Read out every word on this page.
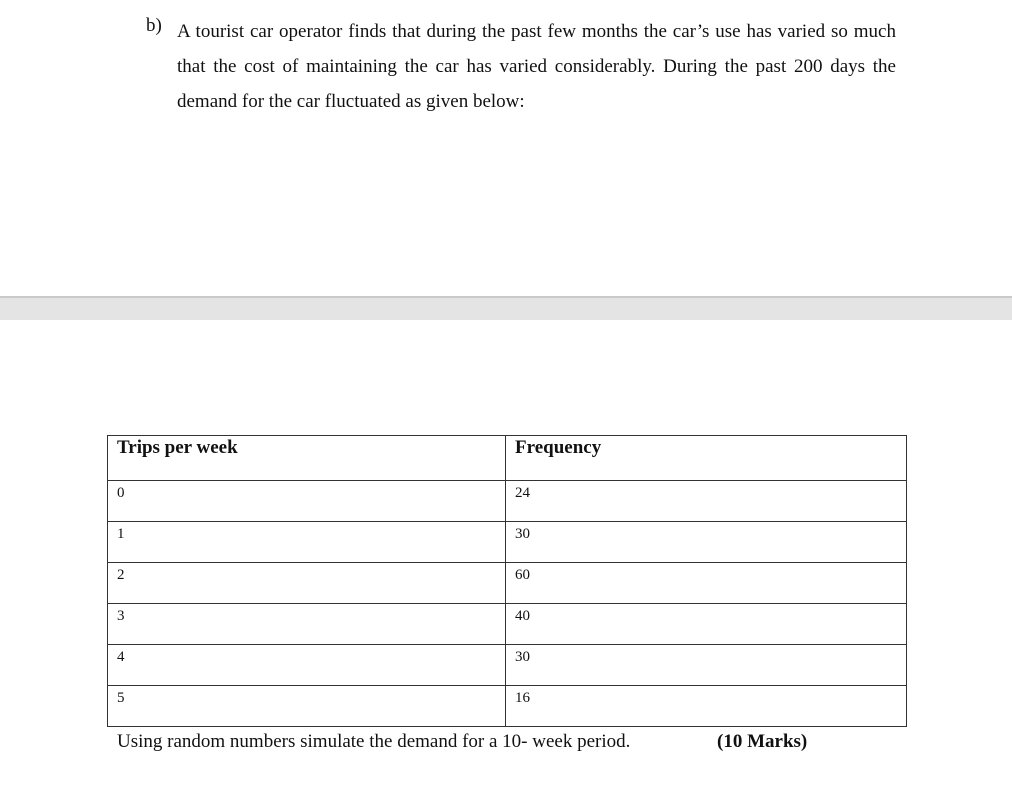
b) A tourist car operator finds that during the past few months the car’s use has varied so much that the cost of maintaining the car has varied considerably. During the past 200 days the demand for the car fluctuated as given below:
Trips per week	Frequency
0	24
1	30
2	60
3	40
4	30
5	16
Using random numbers simulate the demand for a 10- week period.	(10 Marks)
